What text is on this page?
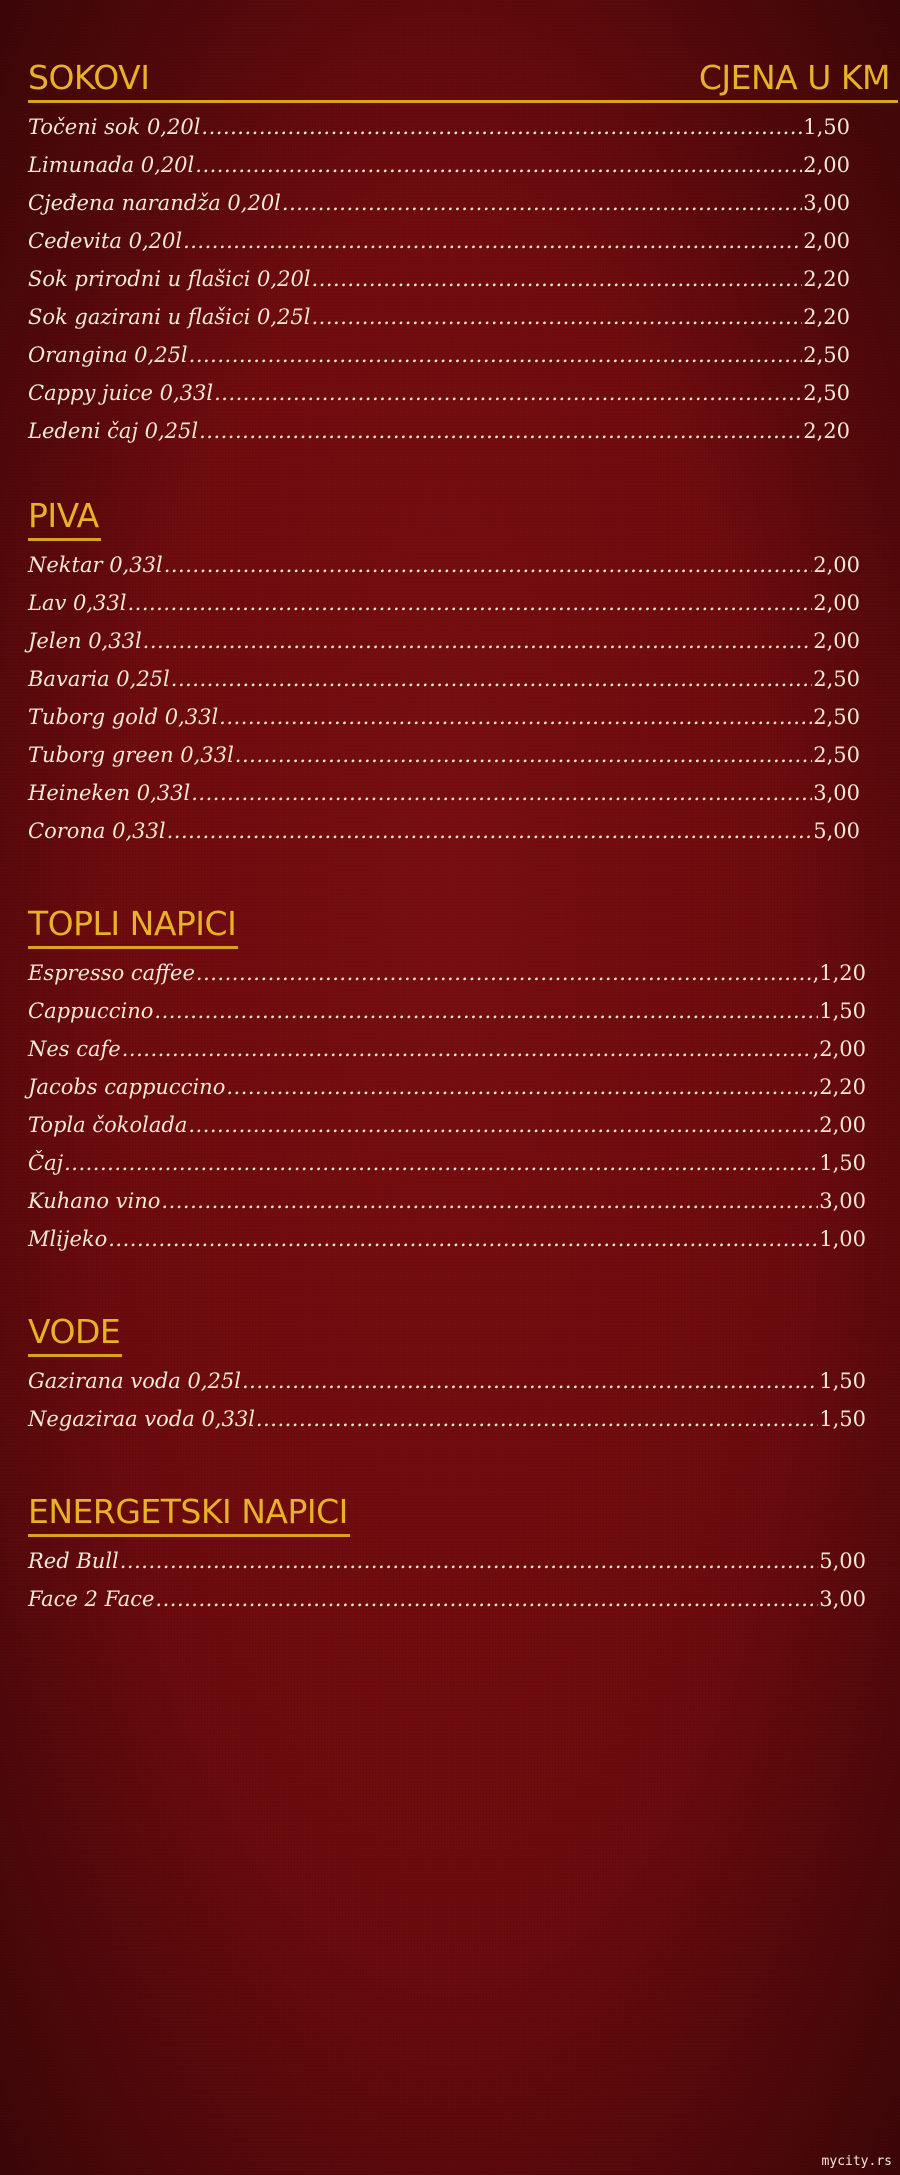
SOKOVI	CJENA U KM
Točeni sok 0,20l .....	1,50
Limunada 0,20l .....	2,00
Cjeđena narandža 0,20l .....	3,00
Cedevita 0,20l .....	2,00
Sok prirodni u flašici 0,20l .....	2,20
Sok gazirani u flašici 0,25l .....	2,20
Orangina 0,25l .....	2,50
Cappy juice 0,33l .....	2,50
Ledeni čaj 0,25l .....	2,20
PIVA
Nektar 0,33l .....	2,00
Lav 0,33l .....	2,00
Jelen 0,33l .....	2,00
Bavaria 0,25l .....	2,50
Tuborg gold 0,33l .....	2,50
Tuborg green 0,33l .....	2,50
Heineken 0,33l .....	3,00
Corona 0,33l .....	5,00
TOPLI NAPICI
Espresso caffee .....	,1,20
Cappuccino .....	1,50
Nes cafe .....	,2,00
Jacobs cappuccino .....	,2,20
Topla čokolada .....	2,00
Čaj .....	1,50
Kuhano vino .....	3,00
Mlijeko .....	1,00
VODE
Gazirana voda 0,25l .....	1,50
Negaziraa voda 0,33l .....	1,50
ENERGETSKI NAPICI
Red Bull .....	5,00
Face 2 Face .....	3,00
mycity.rs
